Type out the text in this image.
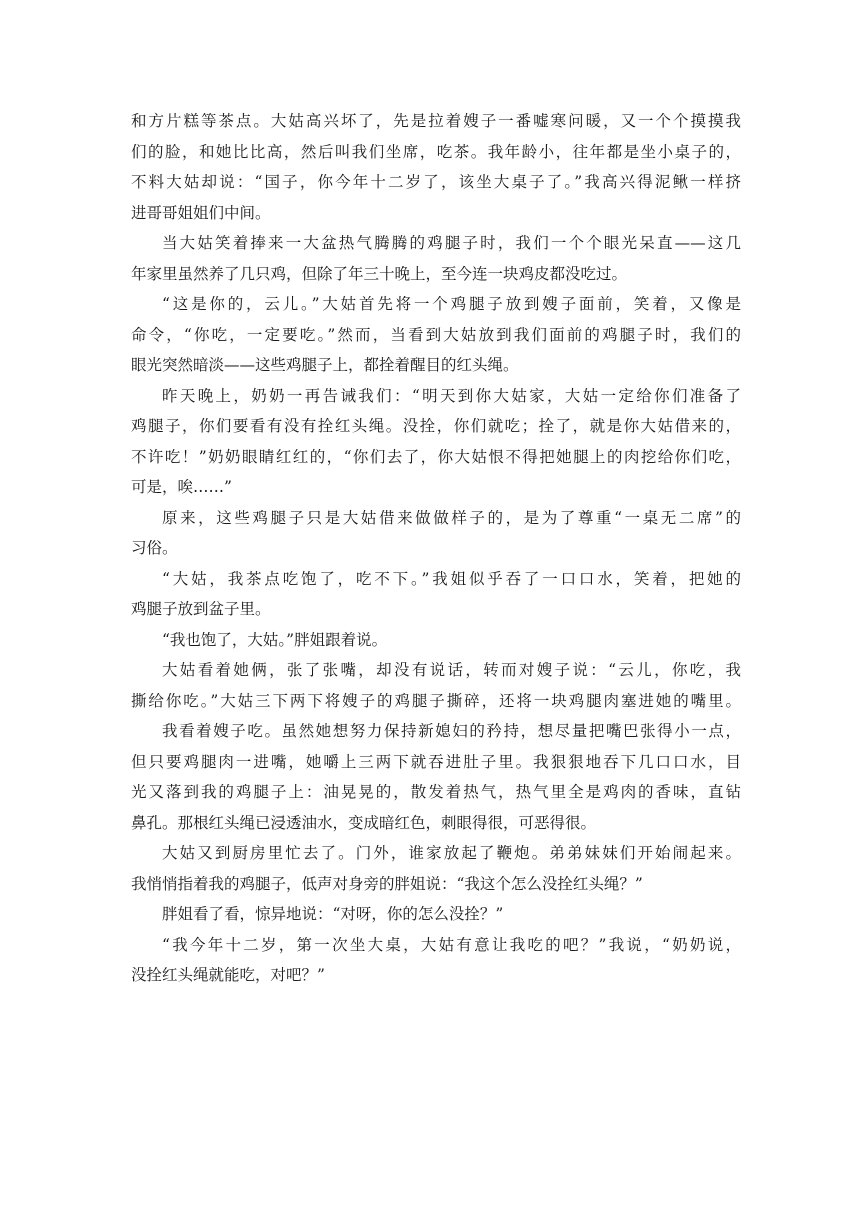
和方片糕等茶点。大姑高兴坏了，先是拉着嫂子一番嘘寒问暖，又一个个摸摸我
们的脸，和她比比高，然后叫我们坐席，吃茶。我年龄小，往年都是坐小桌子的，
不料大姑却说：“国子，你今年十二岁了，该坐大桌子了。”我高兴得泥鳅一样挤
进哥哥姐姐们中间。
当大姑笑着捧来一大盆热气腾腾的鸡腿子时，我们一个个眼光呆直——这几
年家里虽然养了几只鸡，但除了年三十晚上，至今连一块鸡皮都没吃过。
“这是你的，云儿。”大姑首先将一个鸡腿子放到嫂子面前，笑着，又像是
命令，“你吃，一定要吃。”然而，当看到大姑放到我们面前的鸡腿子时，我们的
眼光突然暗淡——这些鸡腿子上，都拴着醒目的红头绳。
昨天晚上，奶奶一再告诫我们：“明天到你大姑家，大姑一定给你们准备了
鸡腿子，你们要看有没有拴红头绳。没拴，你们就吃；拴了，就是你大姑借来的，
不许吃！”奶奶眼睛红红的，“你们去了，你大姑恨不得把她腿上的肉挖给你们吃，
可是，唉……”
原来，这些鸡腿子只是大姑借来做做样子的，是为了尊重“一桌无二席”的
习俗。
“大姑，我茶点吃饱了，吃不下。”我姐似乎吞了一口口水，笑着，把她的
鸡腿子放到盆子里。
“我也饱了，大姑。”胖姐跟着说。
大姑看着她俩，张了张嘴，却没有说话，转而对嫂子说：“云儿，你吃，我
撕给你吃。”大姑三下两下将嫂子的鸡腿子撕碎，还将一块鸡腿肉塞进她的嘴里。
我看着嫂子吃。虽然她想努力保持新媳妇的矜持，想尽量把嘴巴张得小一点，
但只要鸡腿肉一进嘴，她嚼上三两下就吞进肚子里。我狠狠地吞下几口口水，目
光又落到我的鸡腿子上：油晃晃的，散发着热气，热气里全是鸡肉的香味，直钻
鼻孔。那根红头绳已浸透油水，变成暗红色，刺眼得很，可恶得很。
大姑又到厨房里忙去了。门外，谁家放起了鞭炮。弟弟妹妹们开始闹起来。
我悄悄指着我的鸡腿子，低声对身旁的胖姐说：“我这个怎么没拴红头绳？”
胖姐看了看，惊异地说：“对呀，你的怎么没拴？”
“我今年十二岁，第一次坐大桌，大姑有意让我吃的吧？”我说，“奶奶说，
没拴红头绳就能吃，对吧？”
